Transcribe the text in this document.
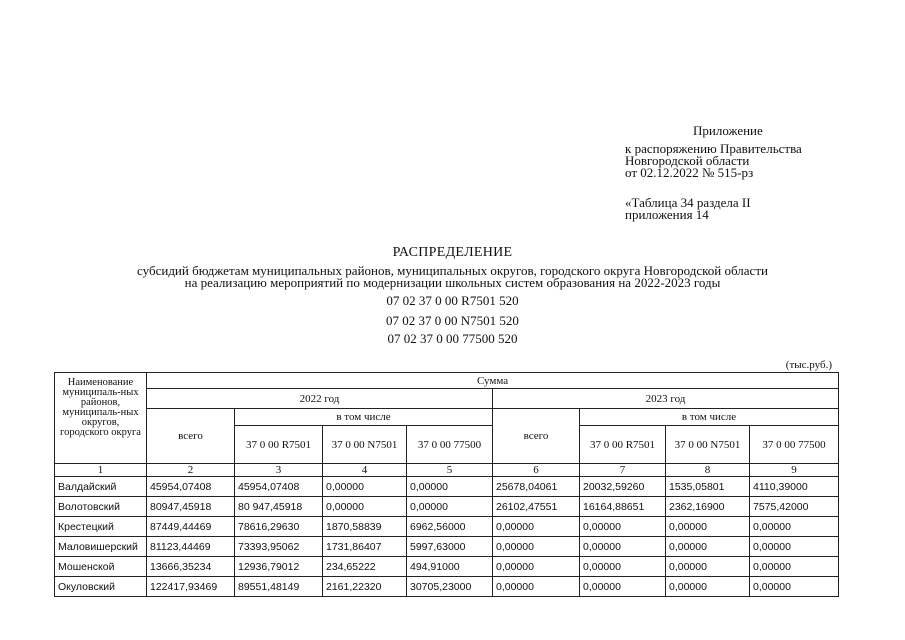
Приложение
к распоряжению Правительства
Новгородской области
от 02.12.2022 № 515-рз
«Таблица 34 раздела II
приложения 14
РАСПРЕДЕЛЕНИЕ
субсидий бюджетам муниципальных районов, муниципальных округов, городского округа Новгородской области
на реализацию мероприятий по модернизации школьных систем образования на 2022-2023 годы
07 02 37 0 00 R7501 520
07 02 37 0 00 N7501 520
07 02 37 0 00 77500 520
(тыс.руб.)
Наименование муниципаль-ных районов, муниципаль-ных округов, городского округа	Сумма							
	2022 год				2023 год			
	всего	в том числе			всего	в том числе		
		37 0 00 R7501	37 0 00 N7501	37 0 00 77500		37 0 00 R7501	37 0 00 N7501	37 0 00 77500
1	2	3	4	5	6	7	8	9
Валдайский	45954,07408	45954,07408	0,00000	0,00000	25678,04061	20032,59260	1535,05801	4110,39000
Волотовский	80947,45918	80 947,45918	0,00000	0,00000	26102,47551	16164,88651	2362,16900	7575,42000
Крестецкий	87449,44469	78616,29630	1870,58839	6962,56000	0,00000	0,00000	0,00000	0,00000
Маловишерский	81123,44469	73393,95062	1731,86407	5997,63000	0,00000	0,00000	0,00000	0,00000
Мошенской	13666,35234	12936,79012	234,65222	494,91000	0,00000	0,00000	0,00000	0,00000
Окуловский	122417,93469	89551,48149	2161,22320	30705,23000	0,00000	0,00000	0,00000	0,00000
